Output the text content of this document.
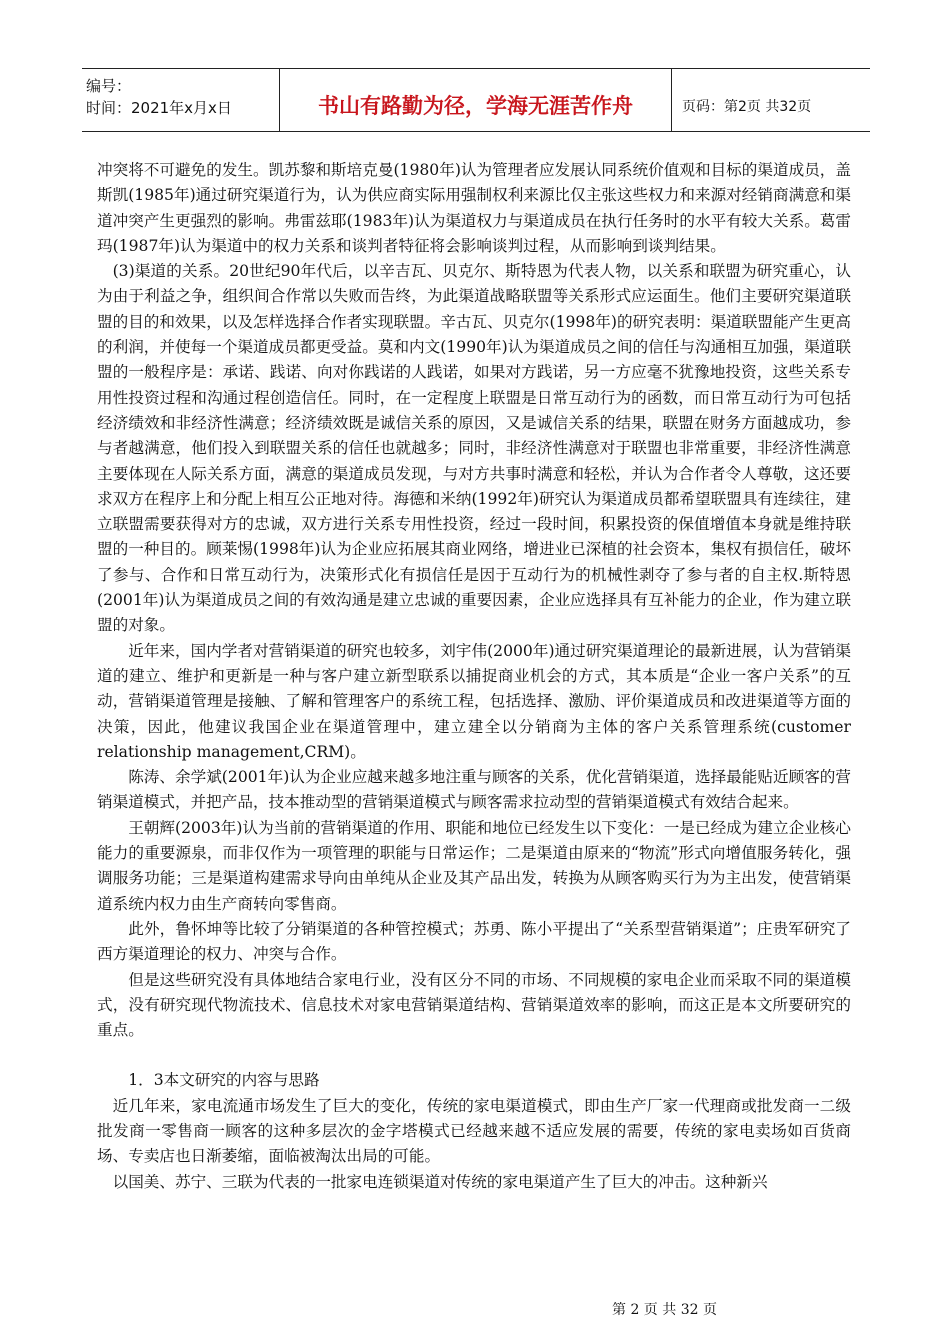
编号：
时间：2021年x月x日	书山有路勤为径，学海无涯苦作舟	页码：第2页 共32页

冲突将不可避免的发生。凯苏黎和斯培克曼(1980年)认为管理者应发展认同系统价值观和目标的渠道成员，盖斯凯(1985年)通过研究渠道行为，认为供应商实际用强制权利来源比仅主张这些权力和来源对经销商满意和渠道冲突产生更强烈的影响。弗雷兹耶(1983年)认为渠道权力与渠道成员在执行任务时的水平有较大关系。葛雷玛(1987年)认为渠道中的权力关系和谈判者特征将会影响谈判过程，从而影响到谈判结果。

(3)渠道的关系。20世纪90年代后，以辛吉瓦、贝克尔、斯特恩为代表人物，以关系和联盟为研究重心，认为由于利益之争，组织间合作常以失败而告终，为此渠道战略联盟等关系形式应运面生。他们主要研究渠道联盟的目的和效果，以及怎样选择合作者实现联盟。辛古瓦、贝克尔(1998年)的研究表明：渠道联盟能产生更高的利润，并使每一个渠道成员都更受益。莫和内文(1990年)认为渠道成员之间的信任与沟通相互加强，渠道联盟的一般程序是：承诺、践诺、向对你践诺的人践诺，如果对方践诺，另一方应毫不犹豫地投资，这些关系专用性投资过程和沟通过程创造信任。同时，在一定程度上联盟是日常互动行为的函数，而日常互动行为可包括经济绩效和非经济性满意；经济绩效既是诚信关系的原因，又是诚信关系的结果，联盟在财务方面越成功，参与者越满意，他们投入到联盟关系的信任也就越多；同时，非经济性满意对于联盟也非常重要，非经济性满意主要体现在人际关系方面，满意的渠道成员发现，与对方共事时满意和轻松，并认为合作者令人尊敬，这还要求双方在程序上和分配上相互公正地对待。海德和米纳(1992年)研究认为渠道成员都希望联盟具有连续往，建立联盟需要获得对方的忠诚，双方进行关系专用性投资，经过一段时间，积累投资的保值增值本身就是维持联盟的一种目的。顾莱惕(1998年)认为企业应拓展其商业网络，增进业已深植的社会资本，集权有损信任，破坏了参与、合作和日常互动行为，决策形式化有损信任是因于互动行为的机械性剥夺了参与者的自主权.斯特恩(2001年)认为渠道成员之间的有效沟通是建立忠诚的重要因素，企业应选择具有互补能力的企业，作为建立联盟的对象。

近年来，国内学者对营销渠道的研究也较多，刘宇伟(2000年)通过研究渠道理论的最新进展，认为营销渠道的建立、维护和更新是一种与客户建立新型联系以捕捉商业机会的方式，其本质是“企业一客户关系”的互动，营销渠道管理是接触、了解和管理客户的系统工程，包括选择、激励、评价渠道成员和改进渠道等方面的决策，因此，他建议我国企业在渠道管理中，建立建全以分销商为主体的客户关系管理系统(customer relationship management,CRM)。

陈涛、余学斌(2001年)认为企业应越来越多地注重与顾客的关系，优化营销渠道，选择最能贴近顾客的营销渠道模式，并把产品，技本推动型的营销渠道模式与顾客需求拉动型的营销渠道模式有效结合起来。

王朝辉(2003年)认为当前的营销渠道的作用、职能和地位已经发生以下变化：一是已经成为建立企业核心能力的重要源泉，而非仅作为一项管理的职能与日常运作；二是渠道由原来的“物流”形式向增值服务转化，强调服务功能；三是渠道构建需求导向由单纯从企业及其产品出发，转换为从顾客购买行为为主出发，使营销渠道系统内权力由生产商转向零售商。

此外，鲁怀坤等比较了分销渠道的各种管控模式；苏勇、陈小平提出了“关系型营销渠道”；庄贵军研究了西方渠道理论的权力、冲突与合作。

但是这些研究没有具体地结合家电行业，没有区分不同的市场、不同规模的家电企业而采取不同的渠道模式，没有研究现代物流技术、信息技术对家电营销渠道结构、营销渠道效率的影响，而这正是本文所要研究的重点。

1．3本文研究的内容与思路

近几年来，家电流通市场发生了巨大的变化，传统的家电渠道模式，即由生产厂家一代理商或批发商一二级批发商一零售商一顾客的这种多层次的金字塔模式已经越来越不适应发展的需要，传统的家电卖场如百货商场、专卖店也日渐萎缩，面临被淘汰出局的可能。

以国美、苏宁、三联为代表的一批家电连锁渠道对传统的家电渠道产生了巨大的冲击。这种新兴

第 2 页 共 32 页
